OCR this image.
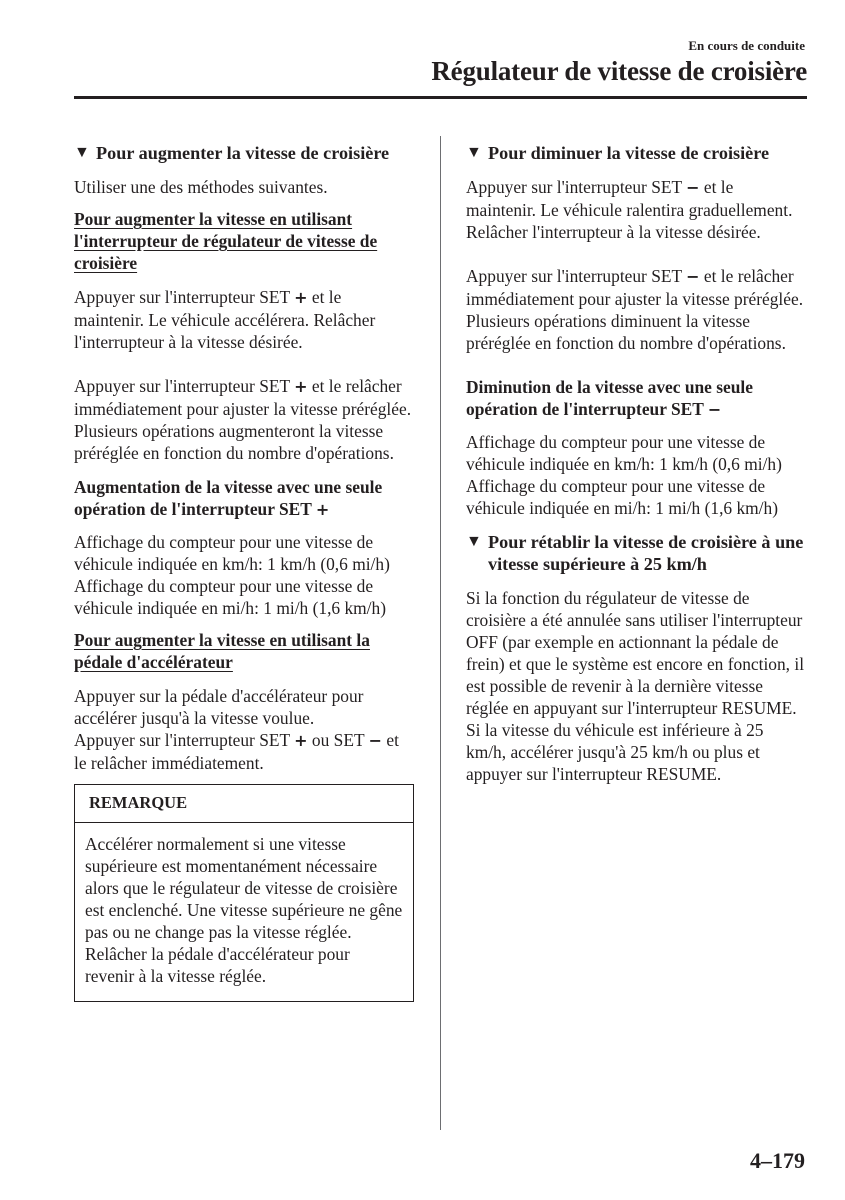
En cours de conduite
Régulateur de vitesse de croisière
▼ Pour augmenter la vitesse de croisière

Utiliser une des méthodes suivantes.

Pour augmenter la vitesse en utilisant l'interrupteur de régulateur de vitesse de croisière

Appuyer sur l'interrupteur SET + et le maintenir. Le véhicule accélérera. Relâcher l'interrupteur à la vitesse désirée.

Appuyer sur l'interrupteur SET + et le relâcher immédiatement pour ajuster la vitesse préréglée. Plusieurs opérations augmenteront la vitesse préréglée en fonction du nombre d'opérations.

Augmentation de la vitesse avec une seule opération de l'interrupteur SET +

Affichage du compteur pour une vitesse de véhicule indiquée en km/h: 1 km/h (0,6 mi/h)

Affichage du compteur pour une vitesse de véhicule indiquée en mi/h: 1 mi/h (1,6 km/h)

Pour augmenter la vitesse en utilisant la pédale d'accélérateur

Appuyer sur la pédale d'accélérateur pour accélérer jusqu'à la vitesse voulue.

Appuyer sur l'interrupteur SET + ou SET − et le relâcher immédiatement.

REMARQUE
Accélérer normalement si une vitesse supérieure est momentanément nécessaire alors que le régulateur de vitesse de croisière est enclenché. Une vitesse supérieure ne gêne pas ou ne change pas la vitesse réglée. Relâcher la pédale d'accélérateur pour revenir à la vitesse réglée.
▼ Pour diminuer la vitesse de croisière

Appuyer sur l'interrupteur SET − et le maintenir. Le véhicule ralentira graduellement.

Relâcher l'interrupteur à la vitesse désirée.

Appuyer sur l'interrupteur SET − et le relâcher immédiatement pour ajuster la vitesse préréglée. Plusieurs opérations diminuent la vitesse préréglée en fonction du nombre d'opérations.

Diminution de la vitesse avec une seule opération de l'interrupteur SET −

Affichage du compteur pour une vitesse de véhicule indiquée en km/h: 1 km/h (0,6 mi/h)

Affichage du compteur pour une vitesse de véhicule indiquée en mi/h: 1 mi/h (1,6 km/h)

▼ Pour rétablir la vitesse de croisière à une vitesse supérieure à 25 km/h

Si la fonction du régulateur de vitesse de croisière a été annulée sans utiliser l'interrupteur OFF (par exemple en actionnant la pédale de frein) et que le système est encore en fonction, il est possible de revenir à la dernière vitesse réglée en appuyant sur l'interrupteur RESUME.

Si la vitesse du véhicule est inférieure à 25 km/h, accélérer jusqu'à 25 km/h ou plus et appuyer sur l'interrupteur RESUME.

4–179
